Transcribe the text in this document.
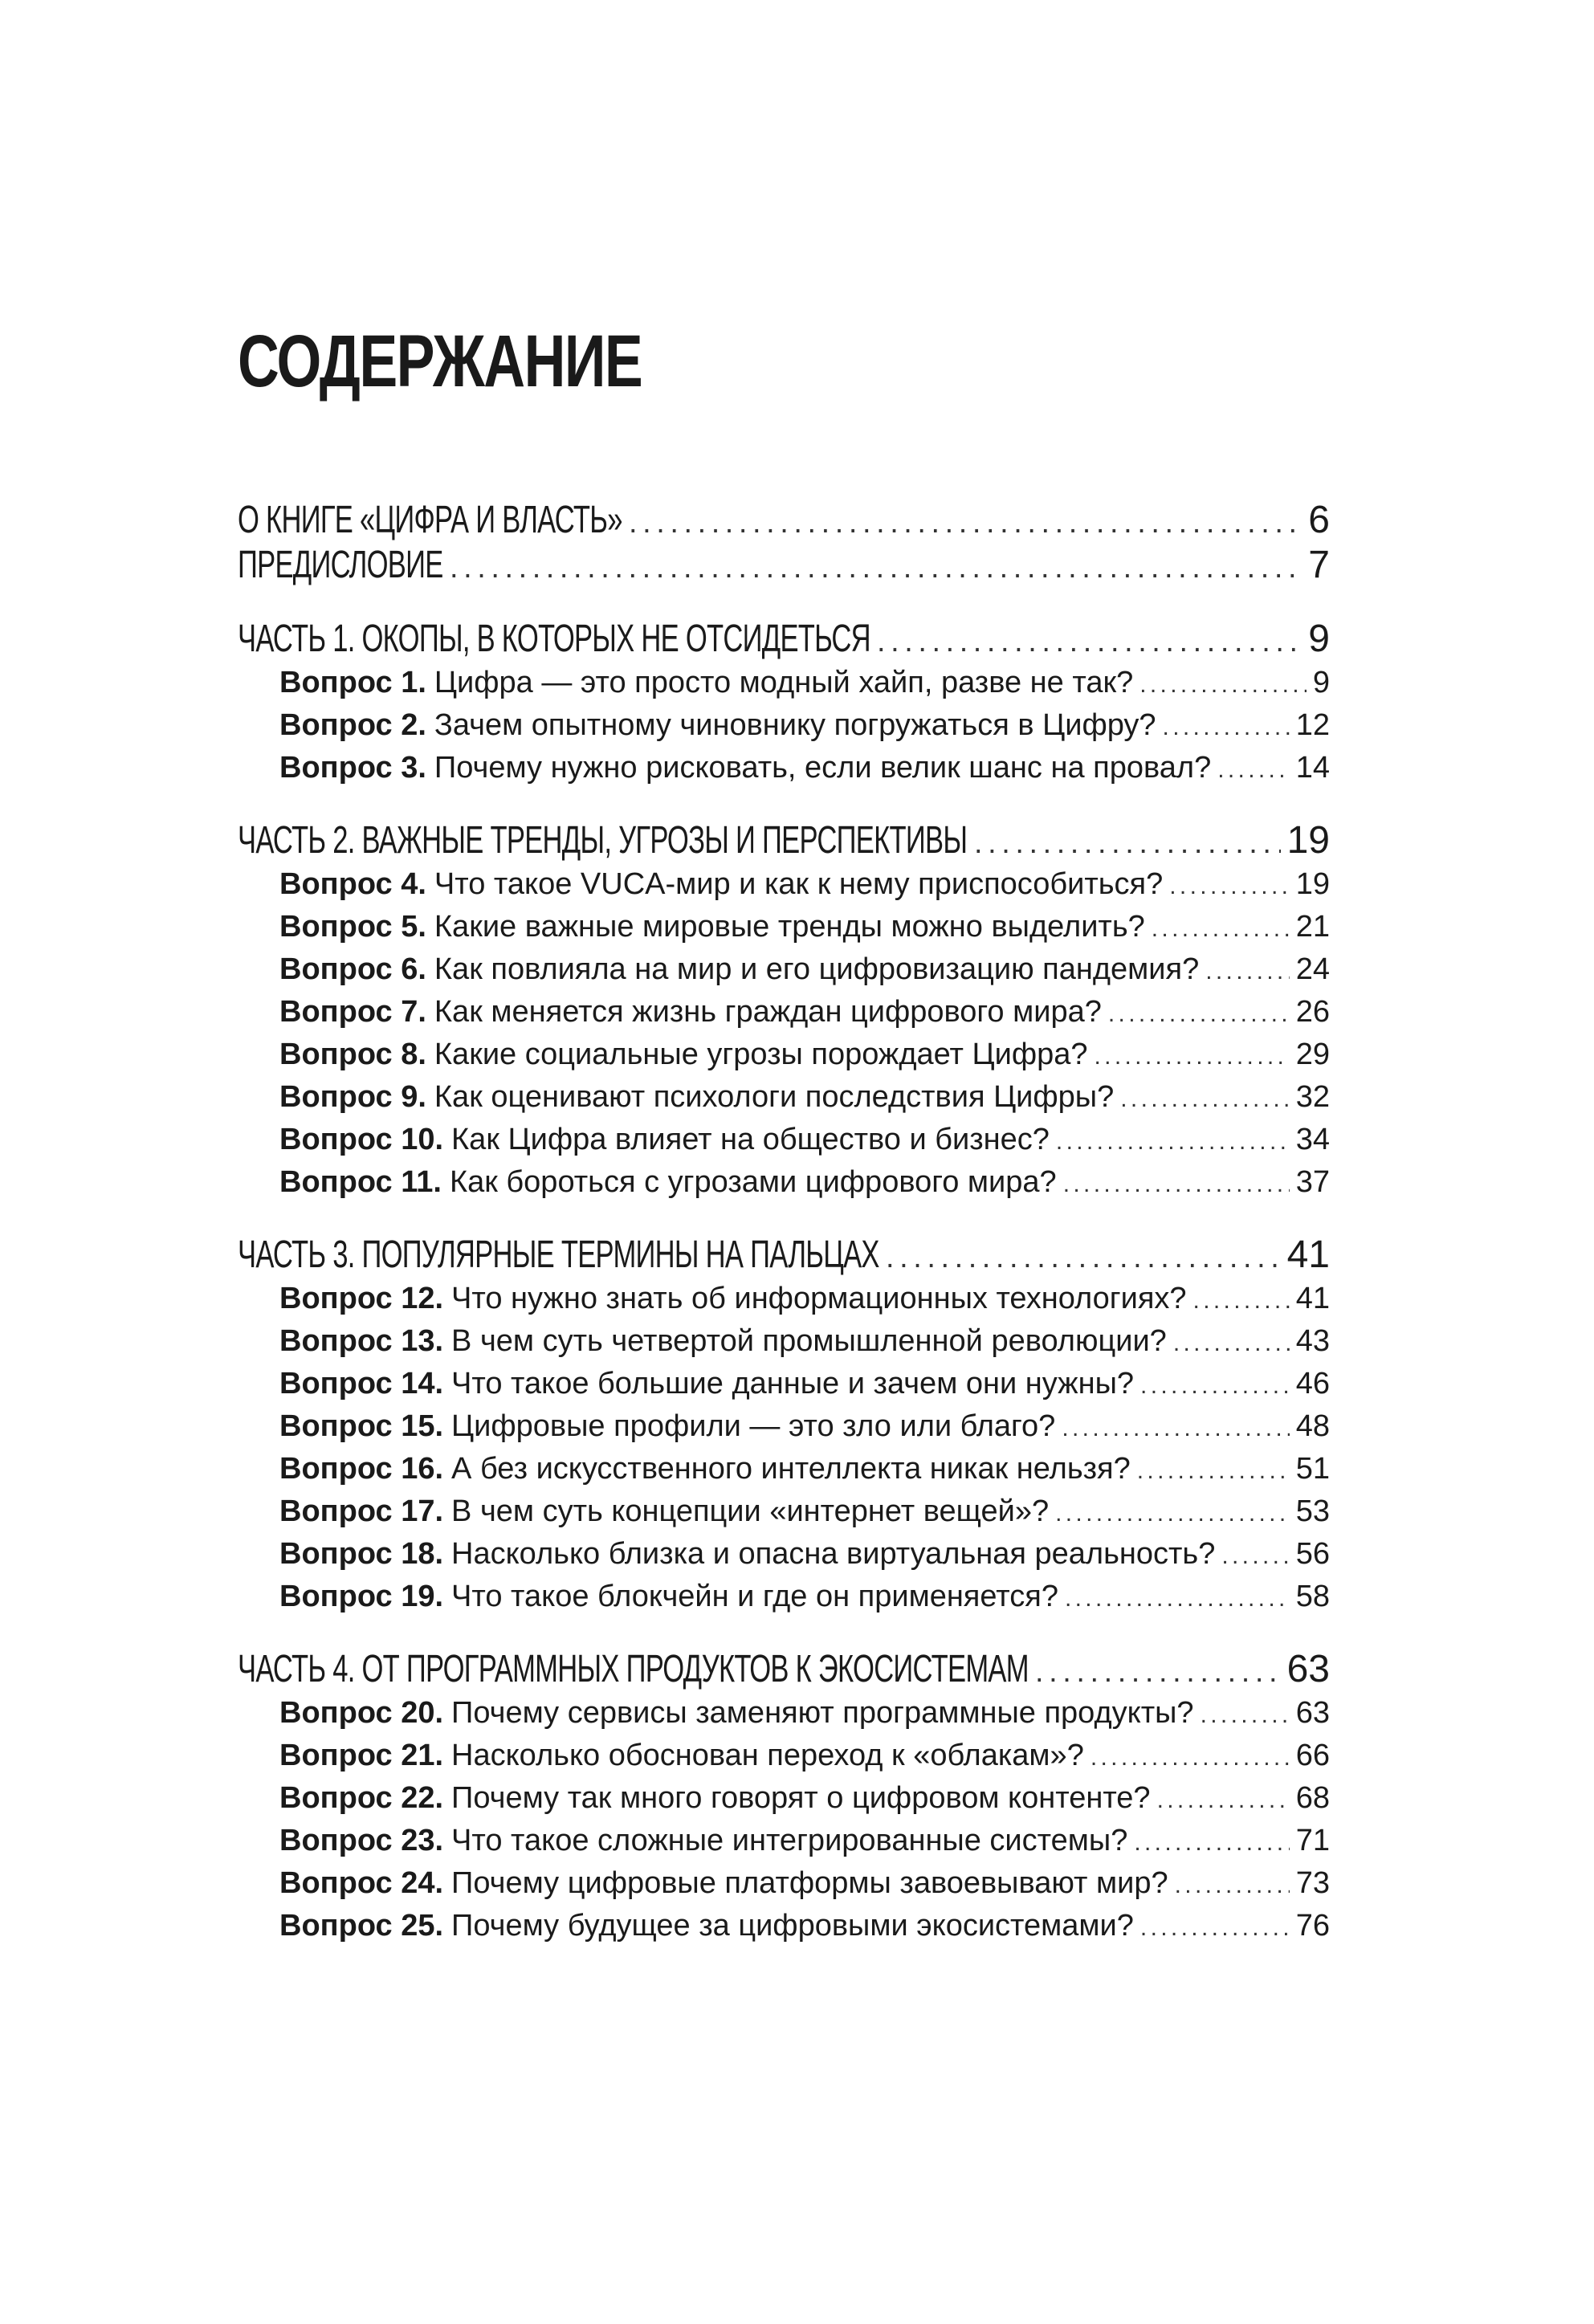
СОДЕРЖАНИЕ
О КНИГЕ «ЦИФРА И ВЛАСТЬ» . . .	6
ПРЕДИСЛОВИЕ . . .	7
ЧАСТЬ 1. ОКОПЫ, В КОТОРЫХ НЕ ОТСИДЕТЬСЯ . . .	9
Вопрос 1. Цифра — это просто модный хайп, разве не так? . . .	9
Вопрос 2. Зачем опытному чиновнику погружаться в Цифру? . . .	12
Вопрос 3. Почему нужно рисковать, если велик шанс на провал? . . .	14
ЧАСТЬ 2. ВАЖНЫЕ ТРЕНДЫ, УГРОЗЫ И ПЕРСПЕКТИВЫ . . .	19
Вопрос 4. Что такое VUCA-мир и как к нему приспособиться? . . .	19
Вопрос 5. Какие важные мировые тренды можно выделить? . . .	21
Вопрос 6. Как повлияла на мир и его цифровизацию пандемия? . . .	24
Вопрос 7. Как меняется жизнь граждан цифрового мира? . . .	26
Вопрос 8. Какие социальные угрозы порождает Цифра? . . .	29
Вопрос 9. Как оценивают психологи последствия Цифры? . . .	32
Вопрос 10. Как Цифра влияет на общество и бизнес? . . .	34
Вопрос 11. Как бороться с угрозами цифрового мира? . . .	37
ЧАСТЬ 3. ПОПУЛЯРНЫЕ ТЕРМИНЫ НА ПАЛЬЦАХ . . .	41
Вопрос 12. Что нужно знать об информационных технологиях? . . .	41
Вопрос 13. В чем суть четвертой промышленной революции? . . .	43
Вопрос 14. Что такое большие данные и зачем они нужны? . . .	46
Вопрос 15. Цифровые профили — это зло или благо? . . .	48
Вопрос 16. А без искусственного интеллекта никак нельзя? . . .	51
Вопрос 17. В чем суть концепции «интернет вещей»? . . .	53
Вопрос 18. Насколько близка и опасна виртуальная реальность? . . .	56
Вопрос 19. Что такое блокчейн и где он применяется? . . .	58
ЧАСТЬ 4. ОТ ПРОГРАММНЫХ ПРОДУКТОВ К ЭКОСИСТЕМАМ . . .	63
Вопрос 20. Почему сервисы заменяют программные продукты? . . .	63
Вопрос 21. Насколько обоснован переход к «облакам»? . . .	66
Вопрос 22. Почему так много говорят о цифровом контенте? . . .	68
Вопрос 23. Что такое сложные интегрированные системы? . . .	71
Вопрос 24. Почему цифровые платформы завоевывают мир? . . .	73
Вопрос 25. Почему будущее за цифровыми экосистемами? . . .	76
